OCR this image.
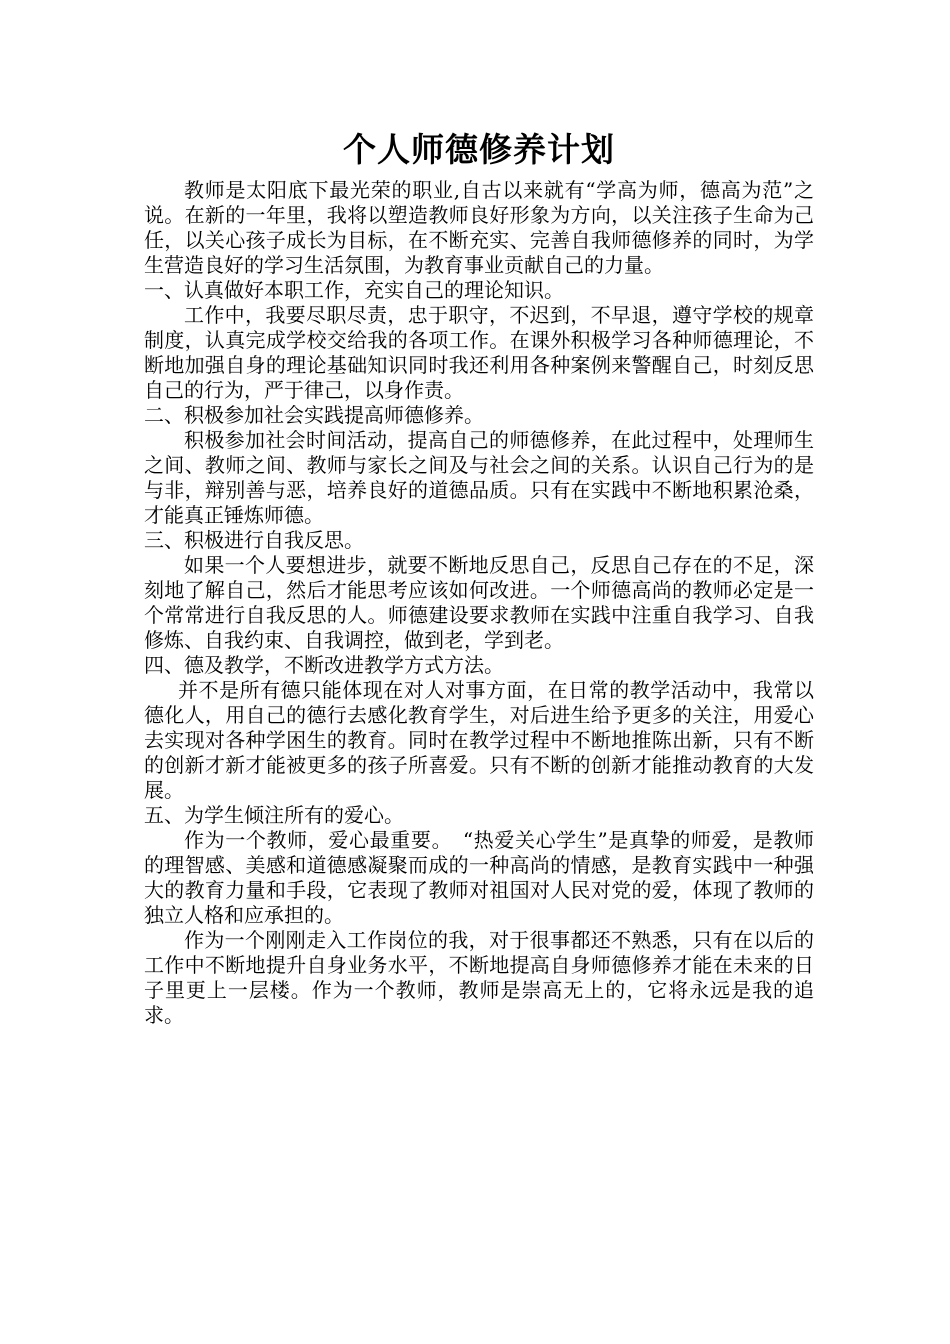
个人师德修养计划

教师是太阳底下最光荣的职业,自古以来就有“学高为师，德高为范”之说。在新的一年里，我将以塑造教师良好形象为方向，以关注孩子生命为己任，以关心孩子成长为目标，在不断充实、完善自我师德修养的同时，为学生营造良好的学习生活氛围，为教育事业贡献自己的力量。

一、认真做好本职工作，充实自己的理论知识。

工作中，我要尽职尽责，忠于职守，不迟到，不早退，遵守学校的规章制度，认真完成学校交给我的各项工作。在课外积极学习各种师德理论，不断地加强自身的理论基础知识同时我还利用各种案例来警醒自己，时刻反思自己的行为，严于律己，以身作责。

二、积极参加社会实践提高师德修养。

积极参加社会时间活动，提高自己的师德修养，在此过程中，处理师生之间、教师之间、教师与家长之间及与社会之间的关系。认识自己行为的是与非，辩别善与恶，培养良好的道德品质。只有在实践中不断地积累沧桑，才能真正锤炼师德。

三、积极进行自我反思。

如果一个人要想进步，就要不断地反思自己，反思自己存在的不足，深刻地了解自己，然后才能思考应该如何改进。一个师德高尚的教师必定是一个常常进行自我反思的人。师德建设要求教师在实践中注重自我学习、自我修炼、自我约束、自我调控，做到老，学到老。

四、德及教学，不断改进教学方式方法。

并不是所有德只能体现在对人对事方面，在日常的教学活动中，我常以德化人，用自己的德行去感化教育学生，对后进生给予更多的关注，用爱心去实现对各种学困生的教育。同时在教学过程中不断地推陈出新，只有不断的创新才新才能被更多的孩子所喜爱。只有不断的创新才能推动教育的大发展。

五、为学生倾注所有的爱心。

作为一个教师，爱心最重要。　“热爱关心学生”是真挚的师爱，是教师的理智感、美感和道德感凝聚而成的一种高尚的情感，是教育实践中一种强大的教育力量和手段，它表现了教师对祖国对人民对党的爱，体现了教师的独立人格和应承担的。

作为一个刚刚走入工作岗位的我，对于很事都还不熟悉，只有在以后的工作中不断地提升自身业务水平，不断地提高自身师德修养才能在未来的日子里更上一层楼。作为一个教师，教师是崇高无上的，它将永远是我的追求。
